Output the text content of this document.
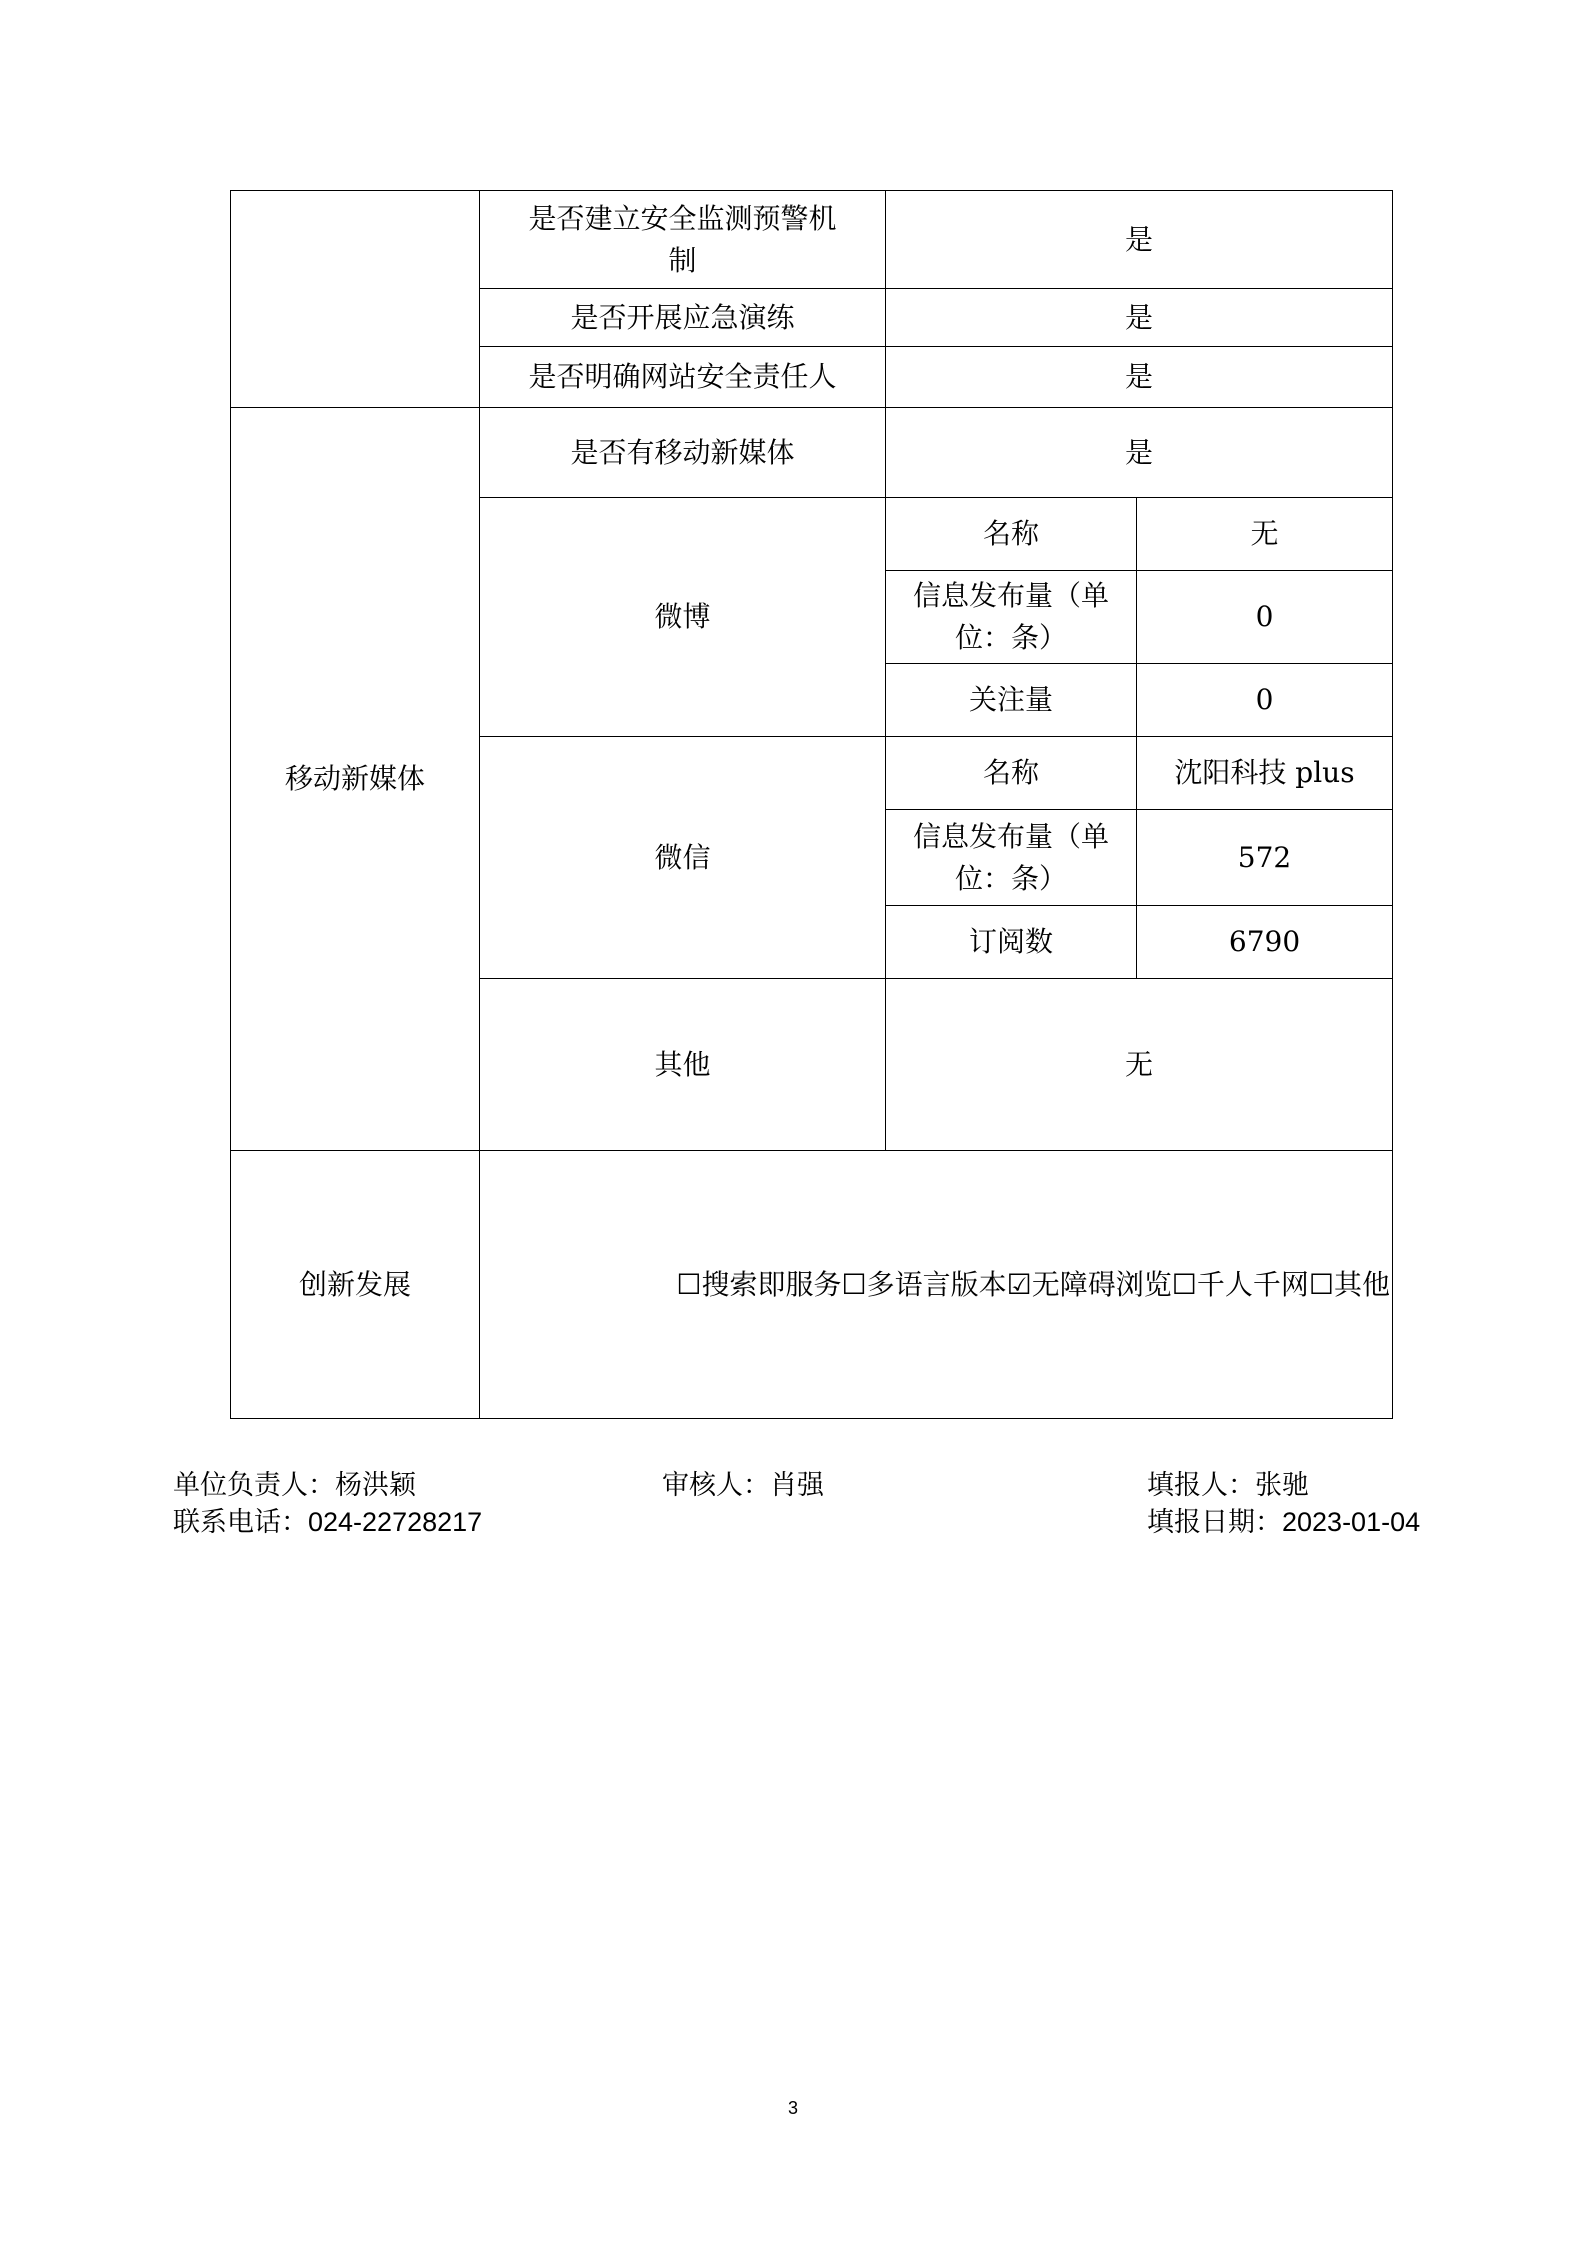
	是否建立安全监测预警机制	是	
	是否开展应急演练	是	
	是否明确网站安全责任人	是	
移动新媒体	是否有移动新媒体	是	
	微博	名称	无
		信息发布量（单位：条）	0
		关注量	0
	微信	名称	沈阳科技 plus
		信息发布量（单位：条）	572
		订阅数	6790
	其他	无	
创新发展	☐搜索即服务☐多语言版本☑无障碍浏览☐千人千网☐其他		
单位负责人：杨洪颖
联系电话：024-22728217
审核人：肖强	填报人：张驰
填报日期：2023-01-04
3
